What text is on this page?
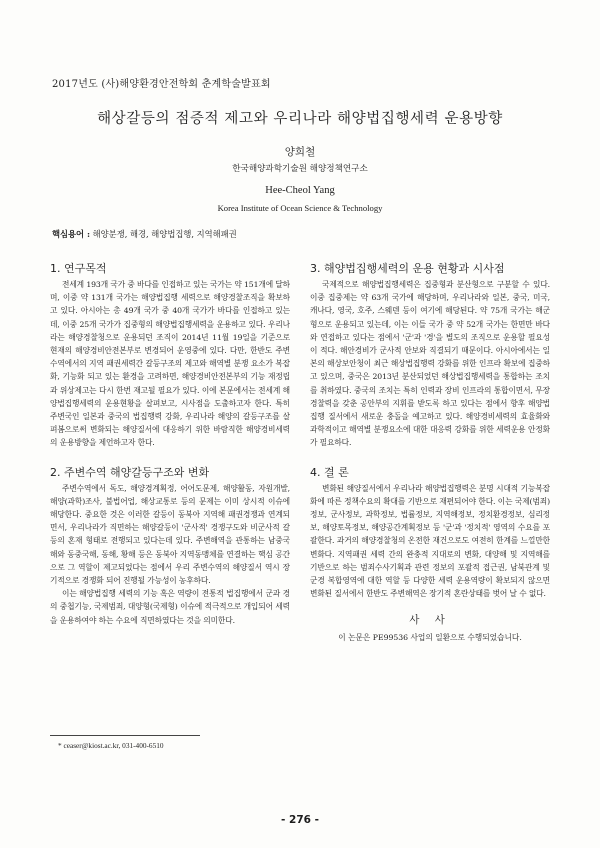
2017년도 (사)해양환경안전학회 춘계학술발표회
해상갈등의 점증적 제고와 우리나라 해양법집행세력 운용방향
양희철
한국해양과학기술원 해양정책연구소
Hee-Cheol Yang
Korea Institute of Ocean Science & Technology
핵심용어 : 해양분쟁, 해경, 해양법집행, 지역해패권
1. 연구목적

전세계 193개 국가 중 바다를 인접하고 있는 국가는 약 151개에 달하며, 이중 약 131개 국가는 해양법집행 세력으로 해양경찰조직을 확보하고 있다. 아시아는 총 49개 국가 중 40개 국가가 바다를 인접하고 있는데, 이중 25개 국가가 집중형의 해양법집행세력을 운용하고 있다. 우리나라는 해양경찰청으로 운용되던 조직이 2014년 11월 19일을 기준으로 현재의 해양경비안전본부로 변경되어 운영중에 있다. 다만, 한반도 주변수역에서의 지역 패권세력간 갈등구조의 제고와 해역별 분쟁 요소가 복잡화, 기능화 되고 있는 환경을 고려하면, 해양경비안전본부의 기능 재정립과 위상제고는 다시 한번 재고될 필요가 있다. 이에 본문에서는 전세계 해양법집행세력의 운용현황을 살펴보고, 시사점을 도출하고자 한다. 특히 주변국인 일본과 중국의 법집행력 강화, 우리나라 해양의 갈등구조를 살펴봄으로써 변화되는 해양질서에 대응하기 위한 바람직한 해양경비세력의 운용방향을 제언하고자 한다.

2. 주변수역 해양갈등구조와 변화

주변수역에서 독도, 해양경계획정, 어어도문제, 해양활동, 자원개발, 해양(과학)조사, 불법어업, 해상교통로 등의 문제는 이미 상시적 이슈에 해당한다. 중요한 것은 이러한 갈등이 동북아 지역해 패권경쟁과 연계되면서, 우리나라가 직면하는 해양갈등이 '군사적' 경쟁구도와 비군사적 갈등의 혼재 형태로 전행되고 있다는데 있다. 주변해역을 관통하는 남중국해와 동중국해, 동해, 황해 등은 동북아 지역동맹체를 연결하는 핵심 공간으로 그 역할이 제고되었다는 점에서 우리 주변수역의 해양질서 역시 장기적으로 경쟁화 되어 진행될 가능성이 농후하다.

이는 해양법집행 세력의 기능 혹은 역량이 전통적 법집행에서 군과 경의 중첩기능, 국제범죄, 대양형(국제형) 이슈에 적극적으로 개입되어 세력을 운용하여야 하는 수요에 직면하였다는 것을 의미한다.

3. 해양법집행세력의 운용 현황과 시사점

국제적으로 해양법집행세력은 집중형과 분산형으로 구분할 수 있다. 이중 집중제는 약 63개 국가에 해당하며, 우리나라와 일본, 중국, 미국, 캐나다, 영국, 호주, 스웨덴 등이 여기에 해당된다. 약 75개 국가는 해군형으로 운용되고 있는데, 이는 이들 국가 중 약 52개 국가는 한면만 바다와 연접하고 있다는 점에서 '군'과 '경'을 별도의 조직으로 운용할 필요성이 적다. 해안경비가 군사적 안보와 직결되기 때문이다. 아시아에서는 일본의 해상보안청이 최근 해상법집행력 강화를 위한 인프라 확보에 집중하고 있으며, 중국은 2013년 분산되었던 해상법집행세력을 통합하는 조치를 취하였다. 중국의 조치는 특히 인력과 장비 인프라의 통합이면서, 무장경찰력을 갖춘 공안부의 지휘를 받도록 하고 있다는 점에서 향후 해양법집행 질서에서 새로운 충돌을 예고하고 있다. 해양경비세력의 효율화와 과학적이고 해역별 분쟁요소에 대한 대응력 강화를 위한 세력운용 안정화가 필요하다.

4. 결 론

변화된 해양질서에서 우리나라 해양법집행력은 분명 시대적 기능복잡화에 따른 정책수요의 확대를 기반으로 재편되어야 한다. 이는 국제(범죄)정보, 군사정보, 과학정보, 법률정보, 지역해정보, 정치환경정보, 심리정보, 해양토목정보, 해양공간계획정보 등 '군'과 '정치적' 영역의 수요를 포괄한다. 과거의 해양경찰청의 온전한 재건으로도 여전히 한계를 느낄만한 변화다. 지역패권 세력 간의 완충적 지대로의 변화, 대양해 및 지역해를 기반으로 하는 범죄수사기획과 관련 정보의 포괄적 접근권, 남북관계 및 군경 복합영역에 대한 역할 등 다양한 세력 운용역량이 확보되지 않으면 변화된 질서에서 한반도 주변해역은 장기적 혼란상태를 벗어 날 수 없다.

사 사

이 논문은 PE99536 사업의 일환으로 수행되었습니다.

* ceaser@kiost.ac.kr, 031-400-6510
- 276 -
